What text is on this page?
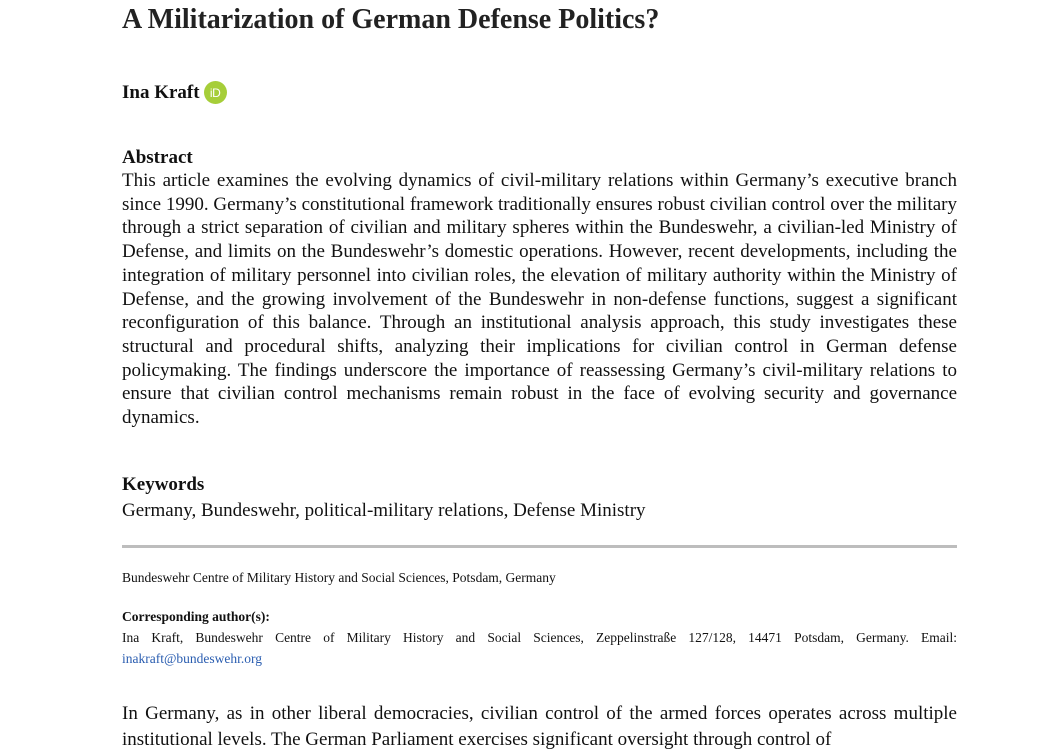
A Militarization of German Defense Politics?
Ina Kraft iD
Abstract

This article examines the evolving dynamics of civil-military relations within Germany’s executive branch since 1990. Germany’s constitutional framework traditionally ensures robust civilian control over the military through a strict separation of civilian and military spheres within the Bundeswehr, a civilian-led Ministry of Defense, and limits on the Bundeswehr’s domestic operations. However, recent developments, including the integration of military personnel into civilian roles, the elevation of military authority within the Ministry of Defense, and the growing involvement of the Bundeswehr in non-defense functions, suggest a significant reconfiguration of this balance. Through an institutional analysis approach, this study investigates these structural and procedural shifts, analyzing their implications for civilian control in German defense policymaking. The findings underscore the importance of reassessing Germany’s civil-military relations to ensure that civilian control mechanisms remain robust in the face of evolving security and governance dynamics.

Keywords

Germany, Bundeswehr, political-military relations, Defense Ministry

Bundeswehr Centre of Military History and Social Sciences, Potsdam, Germany
Corresponding author(s):
Ina Kraft, Bundeswehr Centre of Military History and Social Sciences, Zeppelinstraße 127/128, 14471 Potsdam, Germany. Email:
inakraft@bundeswehr.org

In Germany, as in other liberal democracies, civilian control of the armed forces operates across multiple institutional levels. The German Parliament exercises significant oversight through control of
